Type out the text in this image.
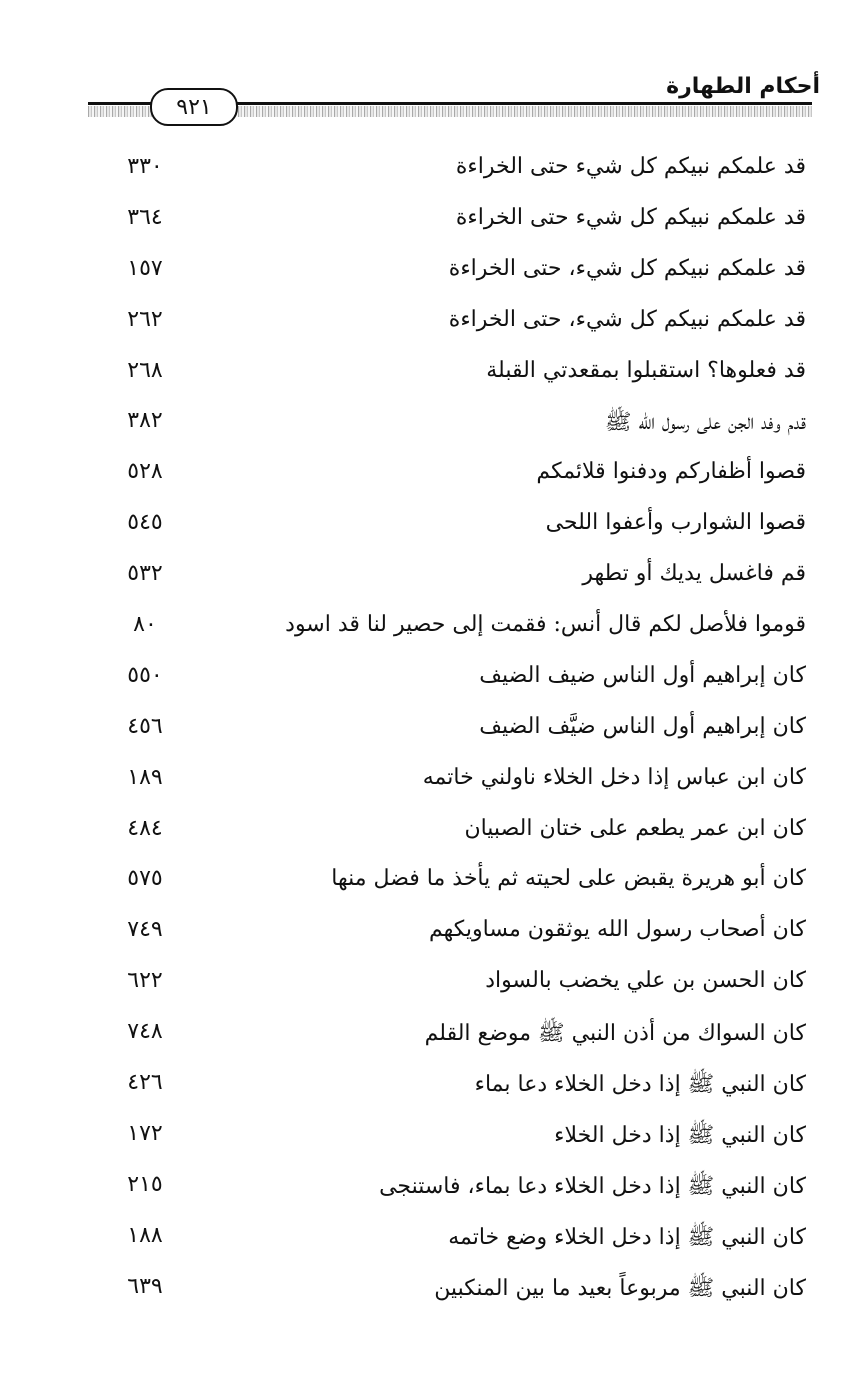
أحكام الطهارة
٩٢١
قد علمكم نبيكم كل شيء حتى الخراءة
٣٣٠
قد علمكم نبيكم كل شيء حتى الخراءة
٣٦٤
قد علمكم نبيكم كل شيء، حتى الخراءة
١٥٧
قد علمكم نبيكم كل شيء، حتى الخراءة
٢٦٢
قد فعلوها؟ استقبلوا بمقعدتي القبلة
٢٦٨
قدم وفد الجن على رسول الله ﷺ
٣٨٢
قصوا أظفاركم ودفنوا قلائمكم
٥٢٨
قصوا الشوارب وأعفوا اللحى
٥٤٥
قم فاغسل يديك أو تطهر
٥٣٢
قوموا فلأصل لكم قال أنس: فقمت إلى حصير لنا قد اسود
٨٠
كان إبراهيم أول الناس ضيف الضيف
٥٥٠
كان إبراهيم أول الناس ضيَّف الضيف
٤٥٦
كان ابن عباس إذا دخل الخلاء ناولني خاتمه
١٨٩
كان ابن عمر يطعم على ختان الصبيان
٤٨٤
كان أبو هريرة يقبض على لحيته ثم يأخذ ما فضل منها
٥٧٥
كان أصحاب رسول الله يوثقون مساويكهم
٧٤٩
كان الحسن بن علي يخضب بالسواد
٦٢٢
كان السواك من أذن النبي ﷺ موضع القلم
٧٤٨
كان النبي ﷺ إذا دخل الخلاء دعا بماء
٤٢٦
كان النبي ﷺ إذا دخل الخلاء
١٧٢
كان النبي ﷺ إذا دخل الخلاء دعا بماء، فاستنجى
٢١٥
كان النبي ﷺ إذا دخل الخلاء وضع خاتمه
١٨٨
كان النبي ﷺ مربوعاً بعيد ما بين المنكبين
٦٣٩
